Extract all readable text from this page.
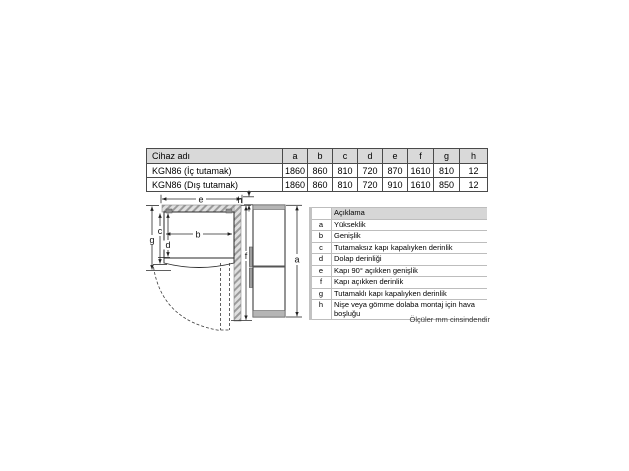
Cihaz adı	a	b	c	d	e	f	g	h
KGN86 (İç tutamak)	1860	860	810	720	870	1610	810	12
KGN86 (Dış tutamak)	1860	860	810	720	910	1610	850	12
e	h
b
c
d
g
f	a
	Açıklama
a	Yükseklik
b	Genişlik
c	Tutamaksız kapı kapalıyken derinlik
d	Dolap derinliği
e	Kapı 90° açıkken genişlik
f	Kapı açıkken derinlik
g	Tutamaklı kapı kapalıyken derinlik
h	Nişe veya gömme dolaba montaj için hava boşluğu
Ölçüler mm cinsindendir
